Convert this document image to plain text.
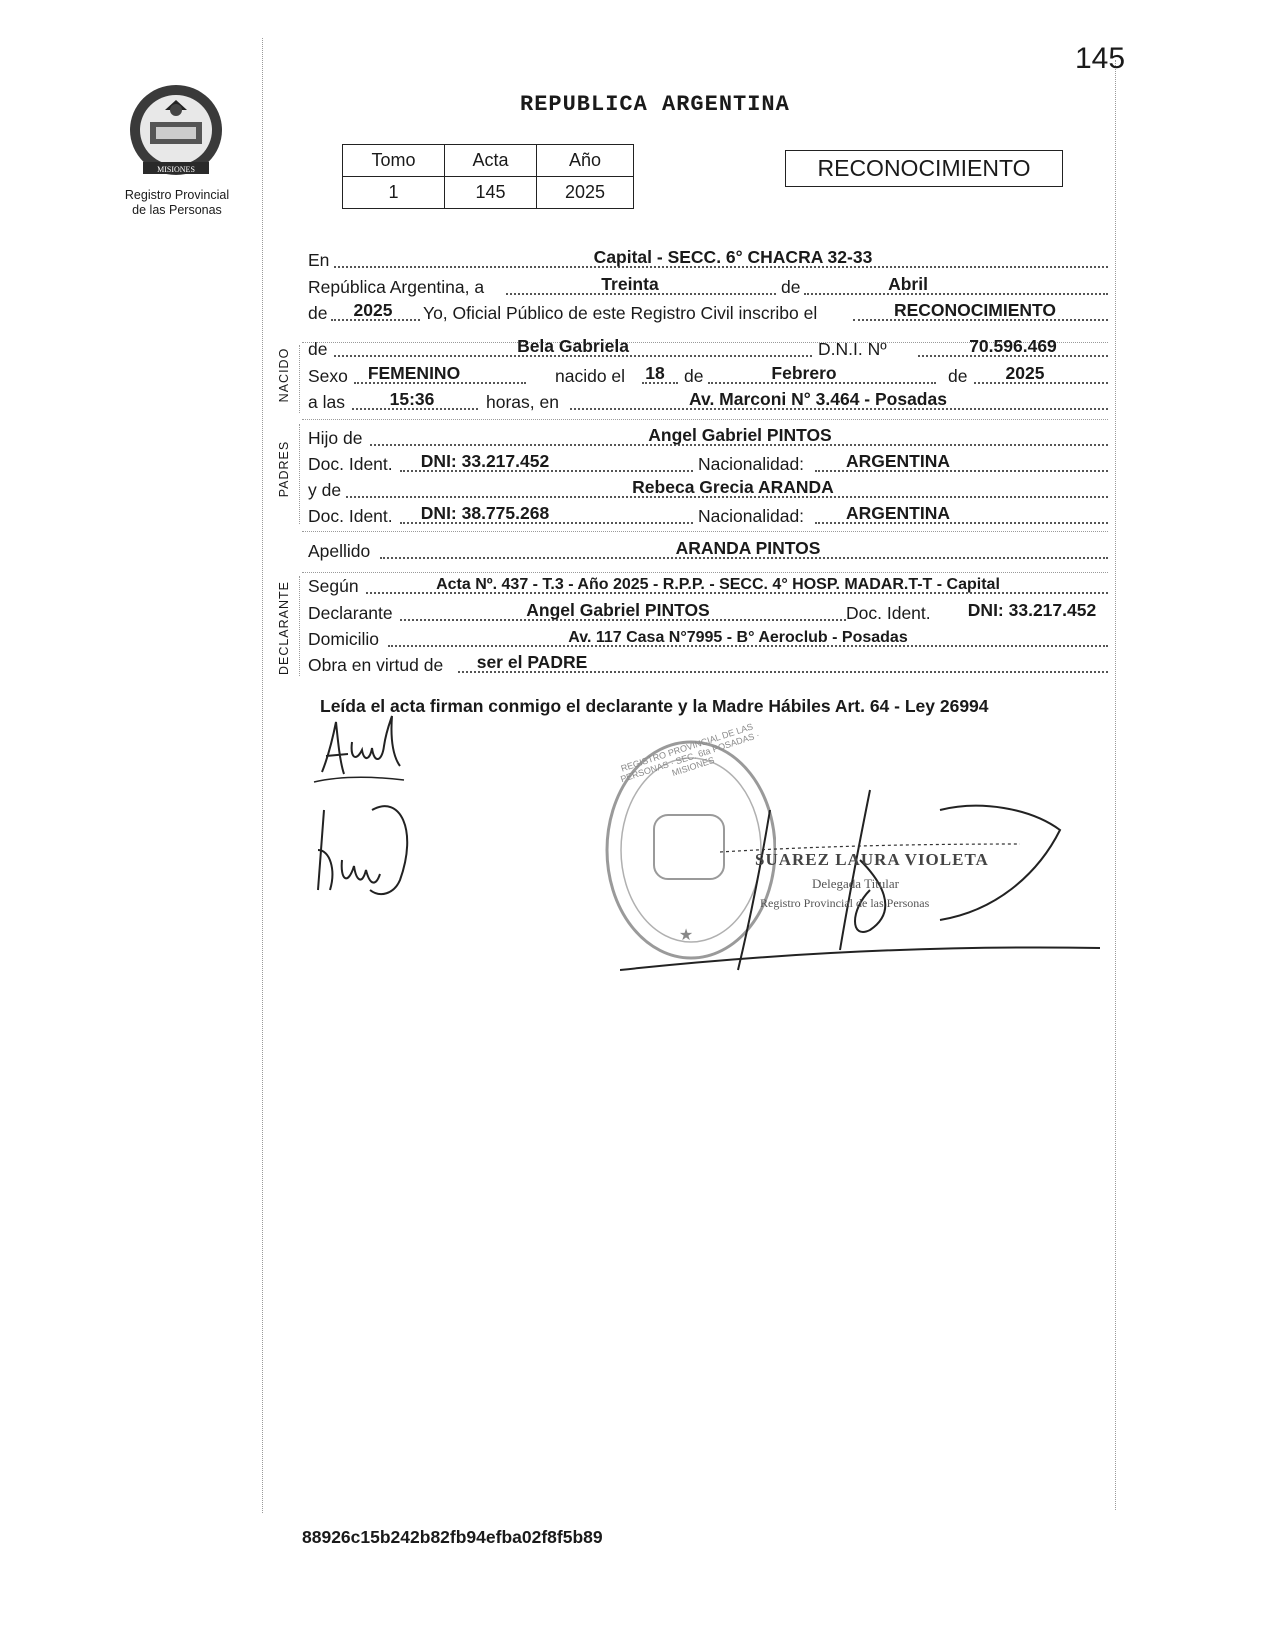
145
REPUBLICA ARGENTINA
MISIONES
Registro Provincial
de las Personas
Tomo	Acta	Año
1	145	2025
RECONOCIMIENTO
En	Capital - SECC. 6° CHACRA 32-33
República Argentina, a	Treinta	de	Abril
de 2025 Yo, Oficial Público de este Registro Civil inscribo el	RECONOCIMIENTO
NACIDO de	Bela Gabriela	D.N.I. Nº	70.596.469
Sexo FEMENINO	nacido el 18 de	Febrero	de 2025
a las	15:36	horas, en	Av. Marconi N° 3.464 - Posadas
PADRES
Hijo de	Angel Gabriel PINTOS
Doc. Ident. DNI: 33.217.452	Nacionalidad: ARGENTINA
y de	Rebeca Grecia ARANDA
Doc. Ident. DNI: 38.775.268	Nacionalidad: ARGENTINA
Apellido	ARANDA PINTOS
DECLARANTE Según	Acta Nº. 437 - T.3 - Año 2025 - R.P.P. - SECC. 4° HOSP. MADAR.T-T - Capital
Declarante	Angel Gabriel PINTOS	Doc. Ident. DNI: 33.217.452
Domicilio	Av. 117 Casa N°7995 - B° Aeroclub - Posadas
Obra en virtud de ser el PADRE
Leída el acta firman conmigo el declarante y la Madre Hábiles Art. 64 - Ley 26994
★
REGISTRO PROVINCIAL DE LAS PERSONAS · SEC. 6ta POSADAS · MISIONES
SUAREZ LAURA VIOLETA
Delegada Titular
Registro Provincial de las Personas
88926c15b242b82fb94efba02f8f5b89
